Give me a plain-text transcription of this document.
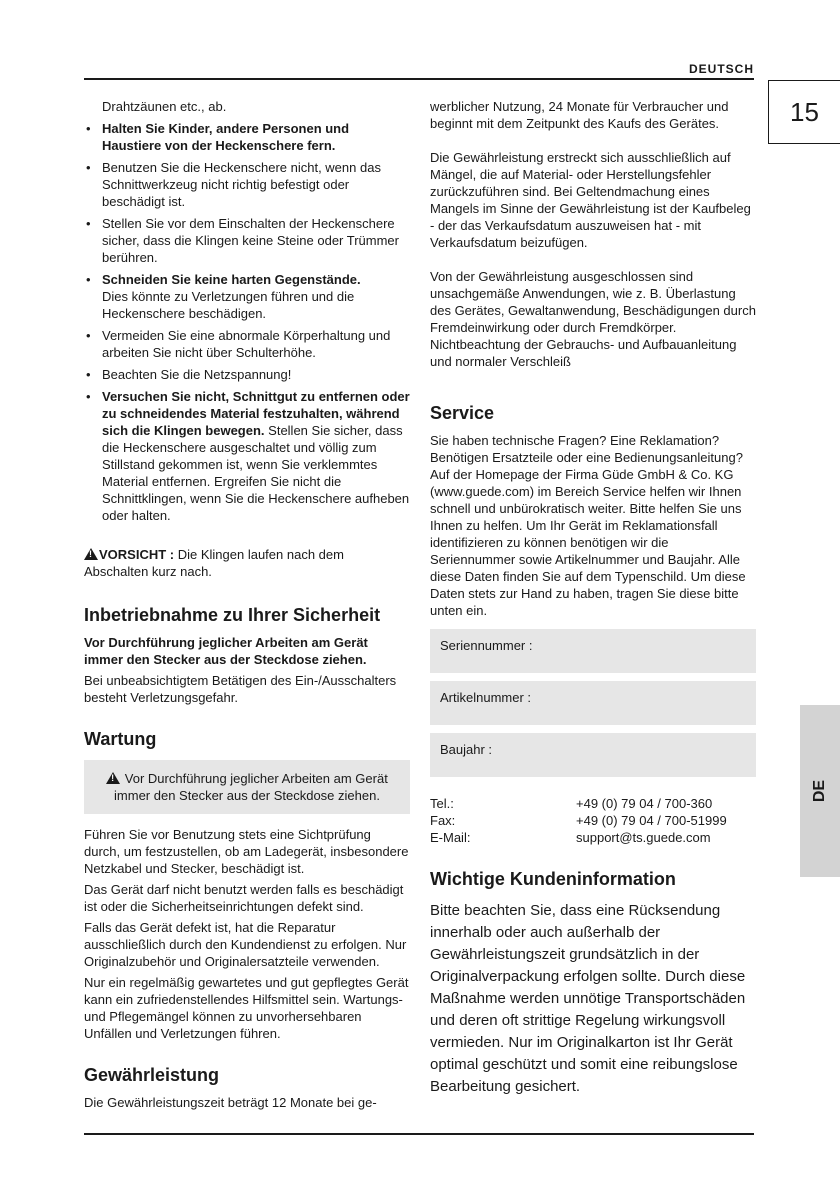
DEUTSCH
15
DE
Drahtzäunen etc., ab.
• Halten Sie Kinder, andere Personen und Haustiere von der Heckenschere fern.
• Benutzen Sie die Heckenschere nicht, wenn das Schnittwerkzeug nicht richtig befestigt oder beschädigt ist.
• Stellen Sie vor dem Einschalten der Heckenschere sicher, dass die Klingen keine Steine oder Trümmer berühren.
• Schneiden Sie keine harten Gegenstände.
Dies könnte zu Verletzungen führen und die Heckenschere beschädigen.
• Vermeiden Sie eine abnormale Körperhaltung und arbeiten Sie nicht über Schulterhöhe.
• Beachten Sie die Netzspannung!
• Versuchen Sie nicht, Schnittgut zu entfernen oder zu schneidendes Material festzuhalten, während sich die Klingen bewegen. Stellen Sie sicher, dass die Heckenschere ausgeschaltet und völlig zum Stillstand gekommen ist, wenn Sie verklemmtes Material entfernen. Ergreifen Sie nicht die Schnittklingen, wenn Sie die Heckenschere aufheben oder halten.

!VORSICHT : Die Klingen laufen nach dem Abschalten kurz nach.

Inbetriebnahme zu Ihrer Sicherheit

Vor Durchführung jeglicher Arbeiten am Gerät immer den Stecker aus der Steckdose ziehen.

Bei unbeabsichtigtem Betätigen des Ein-/Ausschalters besteht Verletzungsgefahr.

Wartung
! Vor Durchführung jeglicher Arbeiten am Gerät immer den Stecker aus der Steckdose ziehen.

Führen Sie vor Benutzung stets eine Sichtprüfung durch, um festzustellen, ob am Ladegerät, insbesondere Netzkabel und Stecker, beschädigt ist.

Das Gerät darf nicht benutzt werden falls es beschädigt ist oder die Sicherheitseinrichtungen defekt sind.

Falls das Gerät defekt ist, hat die Reparatur ausschließlich durch den Kundendienst zu erfolgen. Nur Originalzubehör und Originalersatzteile verwenden.

Nur ein regelmäßig gewartetes und gut gepflegtes Gerät kann ein zufriedenstellendes Hilfsmittel sein. Wartungs- und Pflegemängel können zu unvorhersehbaren Unfällen und Verletzungen führen.

Gewährleistung

Die Gewährleistungszeit beträgt 12 Monate bei ge-

werblicher Nutzung, 24 Monate für Verbraucher und beginnt mit dem Zeitpunkt des Kaufs des Gerätes.

Die Gewährleistung erstreckt sich ausschließlich auf Mängel, die auf Material- oder Herstellungsfehler zurückzuführen sind. Bei Geltendmachung eines Mangels im Sinne der Gewährleistung ist der Kaufbeleg - der das Verkaufsdatum auszuweisen hat - mit Verkaufsdatum beizufügen.

Von der Gewährleistung ausgeschlossen sind unsachgemäße Anwendungen, wie z. B. Überlastung des Gerätes, Gewaltanwendung, Beschädigungen durch Fremdeinwirkung oder durch Fremdkörper. Nichtbeachtung der Gebrauchs- und Aufbauanleitung und normaler Verschleiß

Service

Sie haben technische Fragen? Eine Reklamation? Benötigen Ersatzteile oder eine Bedienungsanleitung? Auf der Homepage der Firma Güde GmbH & Co. KG (www.guede.com) im Bereich Service helfen wir Ihnen schnell und unbürokratisch weiter. Bitte helfen Sie uns Ihnen zu helfen. Um Ihr Gerät im Reklamationsfall identifizieren zu können benötigen wir die Seriennummer sowie Artikelnummer und Baujahr. Alle diese Daten finden Sie auf dem Typenschild. Um diese Daten stets zur Hand zu haben, tragen Sie diese bitte unten ein.

Seriennummer :
Artikelnummer :
Baujahr :
Tel.:	+49 (0) 79 04 / 700-360
Fax:	+49 (0) 79 04 / 700-51999
E-Mail:	support@ts.guede.com
Wichtige Kundeninformation

Bitte beachten Sie, dass eine Rücksendung innerhalb oder auch außerhalb der Gewährleistungszeit grundsätzlich in der Originalverpackung erfolgen sollte. Durch diese Maßnahme werden unnötige Transportschäden und deren oft strittige Regelung wirkungsvoll vermieden. Nur im Originalkarton ist Ihr Gerät optimal geschützt und somit eine reibungslose Bearbeitung gesichert.
